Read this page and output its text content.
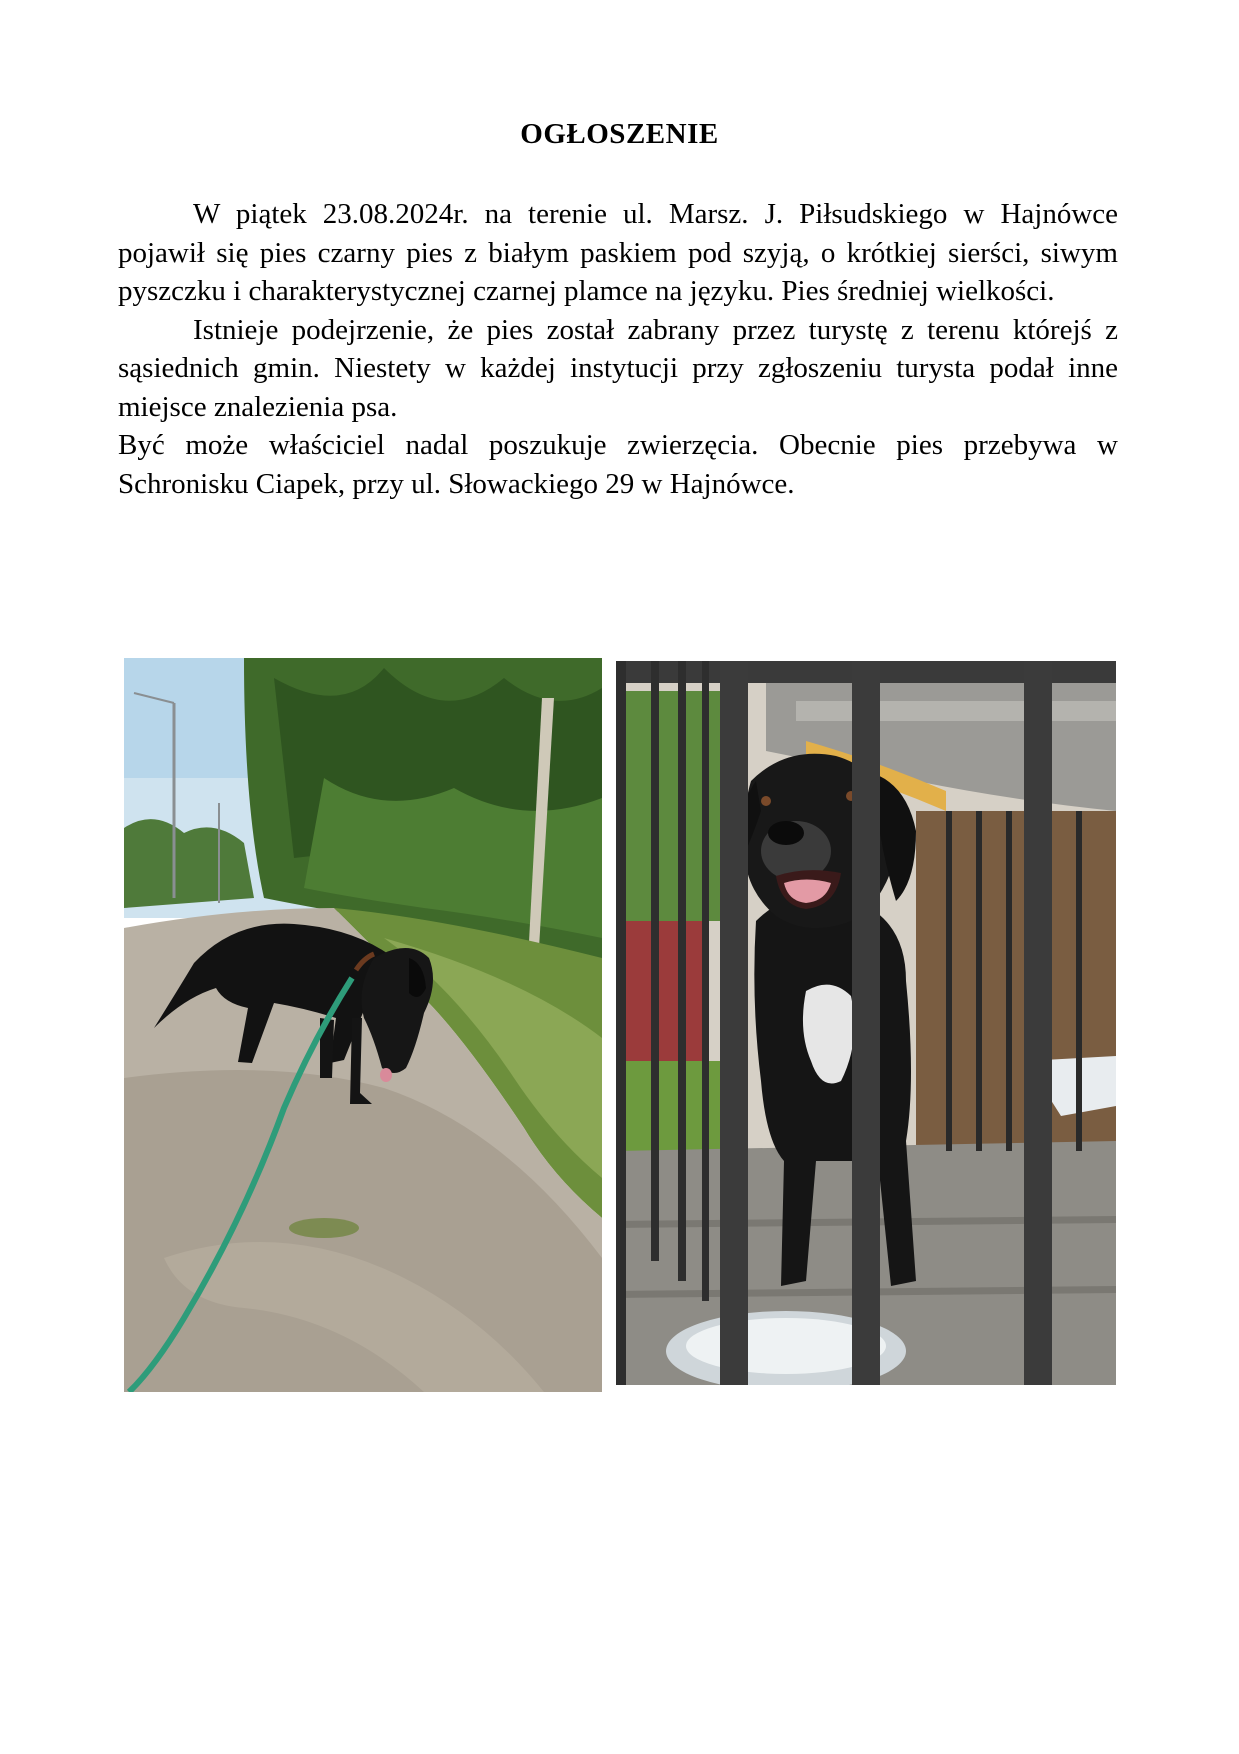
OGŁOSZENIE

W piątek 23.08.2024r. na terenie ul. Marsz. J. Piłsudskiego w Hajnówce pojawił się pies czarny pies z białym paskiem pod szyją, o krótkiej sierści, siwym pyszczku i charakterystycznej czarnej plamce na języku. Pies średniej wielkości.

Istnieje podejrzenie, że pies został zabrany przez turystę z terenu którejś z sąsiednich gmin. Niestety w każdej instytucji przy zgłoszeniu turysta podał inne miejsce znalezienia psa.

Być może właściciel nadal poszukuje zwierzęcia. Obecnie pies przebywa w Schronisku Ciapek, przy ul. Słowackiego 29 w Hajnówce.
